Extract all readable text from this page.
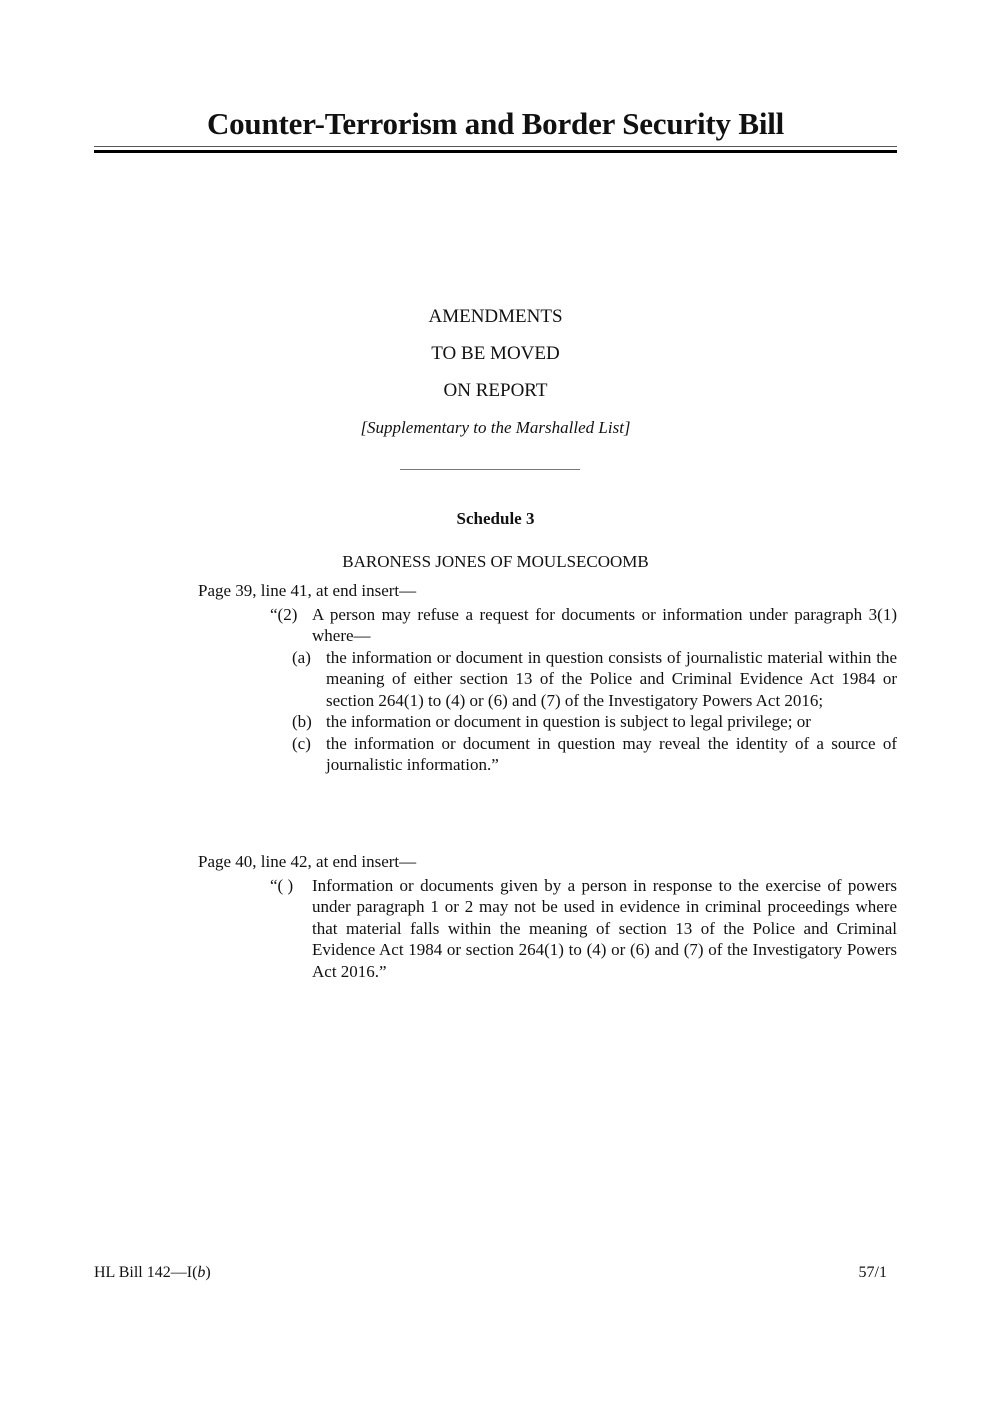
Counter-Terrorism and Border Security Bill
AMENDMENTS
TO BE MOVED
ON REPORT
[Supplementary to the Marshalled List]
Schedule 3
BARONESS JONES OF MOULSECOOMB
Page 39, line 41, at end insert—
“(2) A person may refuse a request for documents or information under paragraph 3(1) where—
(a) the information or document in question consists of journalistic material within the meaning of either section 13 of the Police and Criminal Evidence Act 1984 or section 264(1) to (4) or (6) and (7) of the Investigatory Powers Act 2016;
(b) the information or document in question is subject to legal privilege; or
(c) the information or document in question may reveal the identity of a source of journalistic information.”
Page 40, line 42, at end insert—
“( ) Information or documents given by a person in response to the exercise of powers under paragraph 1 or 2 may not be used in evidence in criminal proceedings where that material falls within the meaning of section 13 of the Police and Criminal Evidence Act 1984 or section 264(1) to (4) or (6) and (7) of the Investigatory Powers Act 2016.”
HL Bill 142—I(b)	57/1
